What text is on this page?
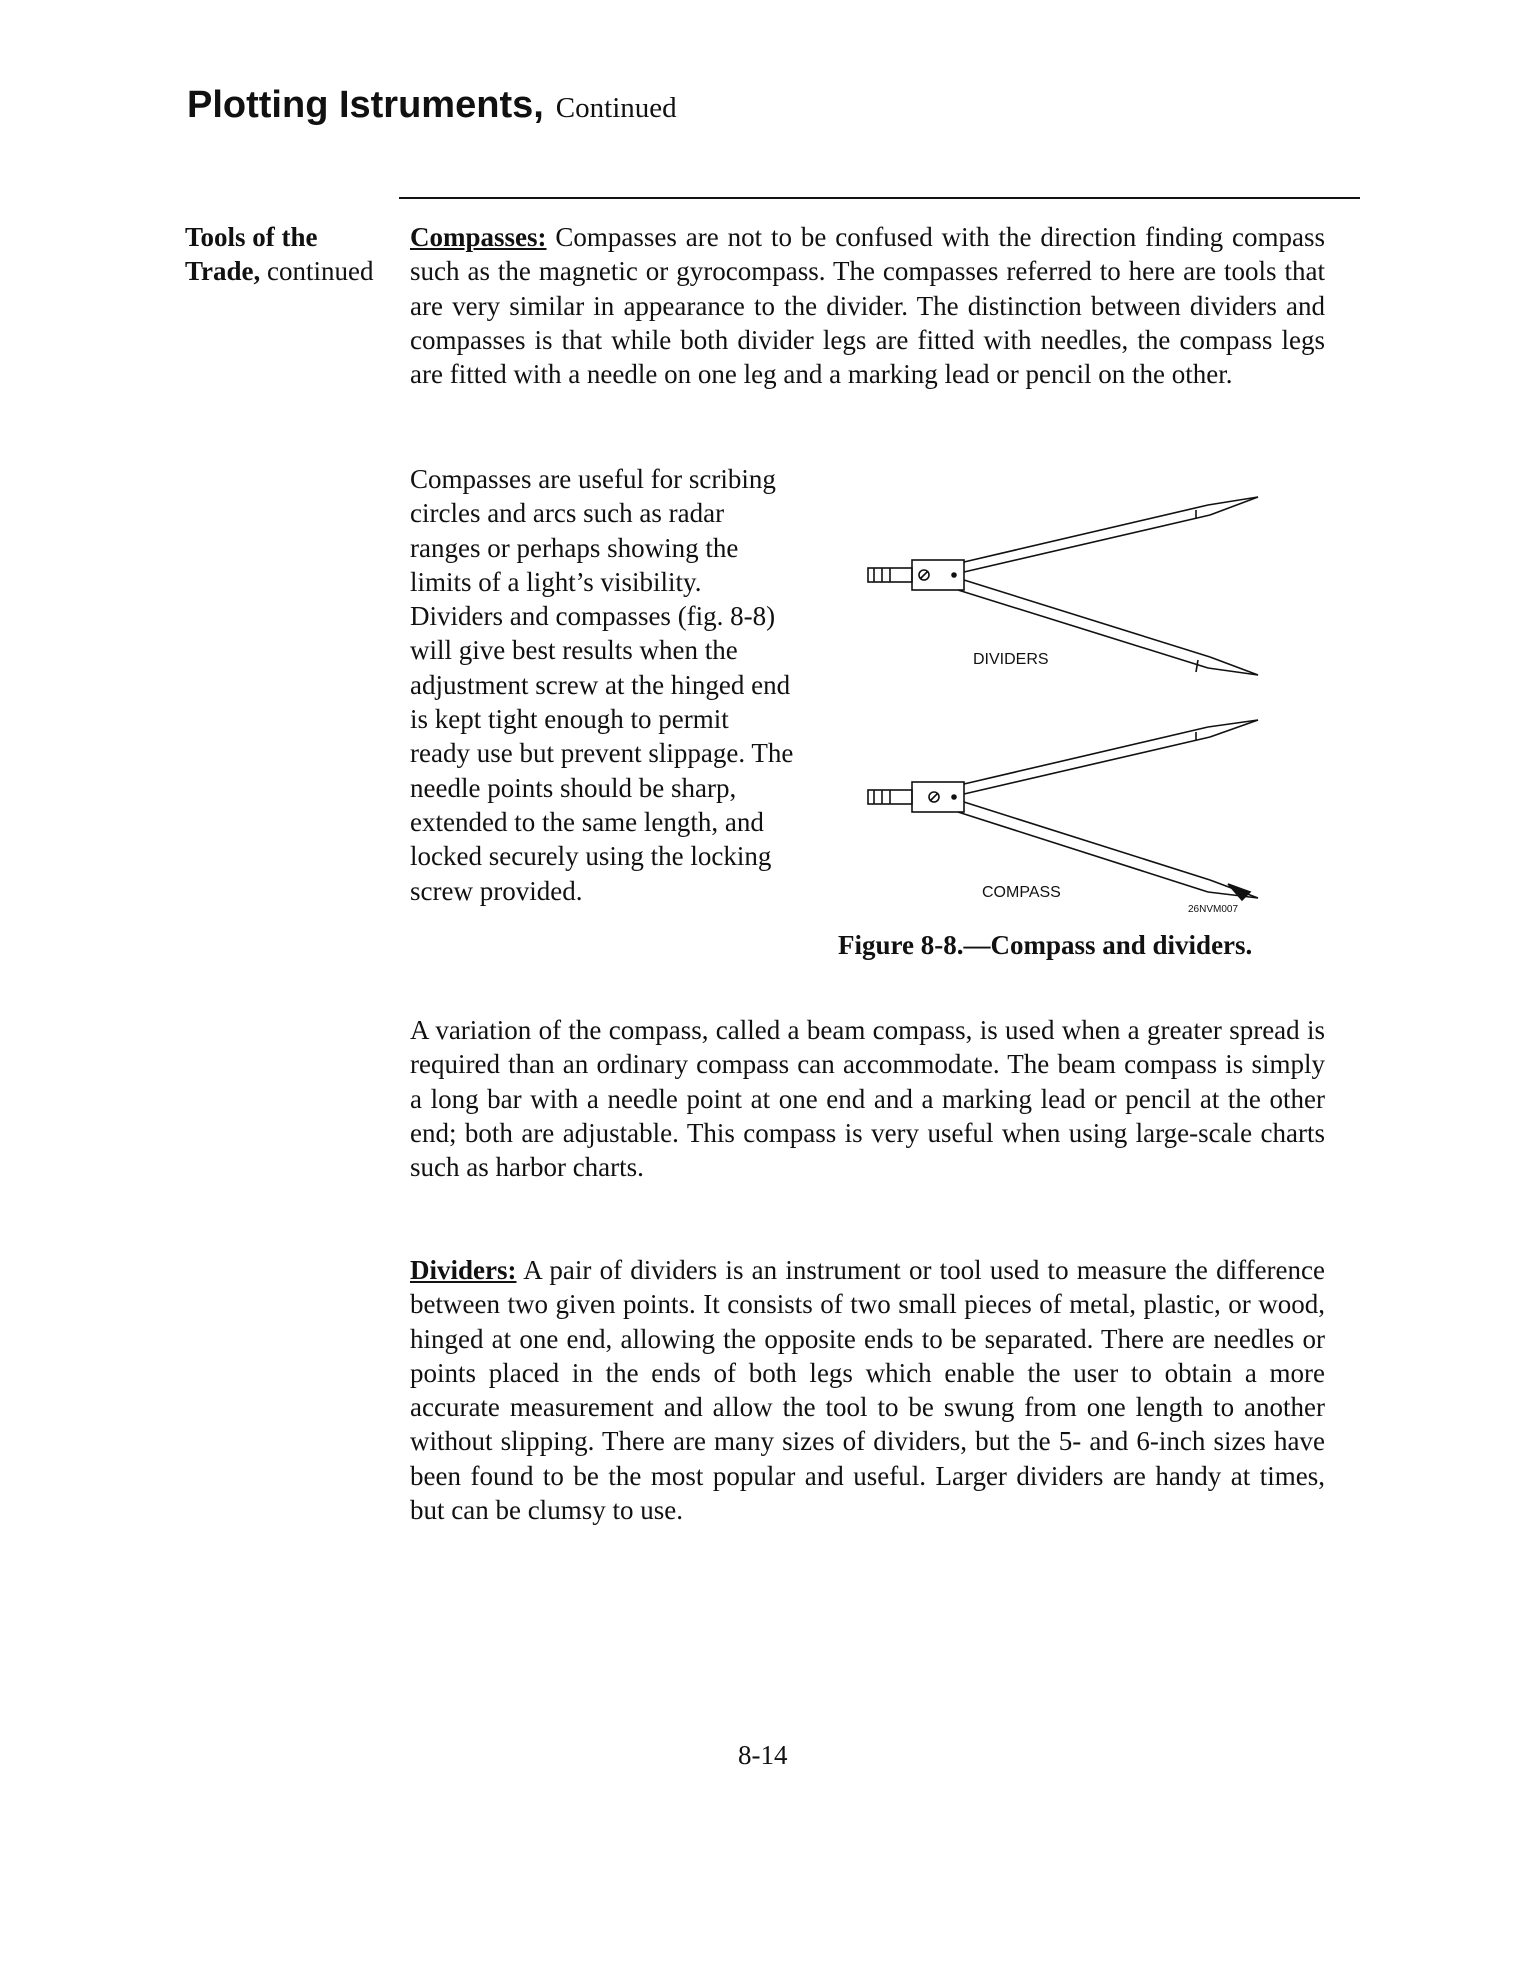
Plotting Istruments, Continued
Tools of the
Trade, continued
Compasses: Compasses are not to be confused with the direction finding compass such as the magnetic or gyrocompass. The compasses referred to here are tools that are very similar in appearance to the divider. The distinction between dividers and compasses is that while both divider legs are fitted with needles, the compass legs are fitted with a needle on one leg and a marking lead or pencil on the other.
Compasses are useful for scribing circles and arcs such as radar ranges or perhaps showing the limits of a light’s visibility. Dividers and compasses (fig. 8-8) will give best results when the adjustment screw at the hinged end is kept tight enough to permit ready use but prevent slippage. The needle points should be sharp, extended to the same length, and locked securely using the locking screw provided.
DIVIDERS
COMPASS
26NVM007
Figure 8-8.—Compass and dividers.
A variation of the compass, called a beam compass, is used when a greater spread is required than an ordinary compass can accommodate. The beam compass is simply a long bar with a needle point at one end and a marking lead or pencil at the other end; both are adjustable. This compass is very useful when using large-scale charts such as harbor charts.
Dividers: A pair of dividers is an instrument or tool used to measure the difference between two given points. It consists of two small pieces of metal, plastic, or wood, hinged at one end, allowing the opposite ends to be separated. There are needles or points placed in the ends of both legs which enable the user to obtain a more accurate measurement and allow the tool to be swung from one length to another without slipping. There are many sizes of dividers, but the 5- and 6-inch sizes have been found to be the most popular and useful. Larger dividers are handy at times, but can be clumsy to use.
8-14
